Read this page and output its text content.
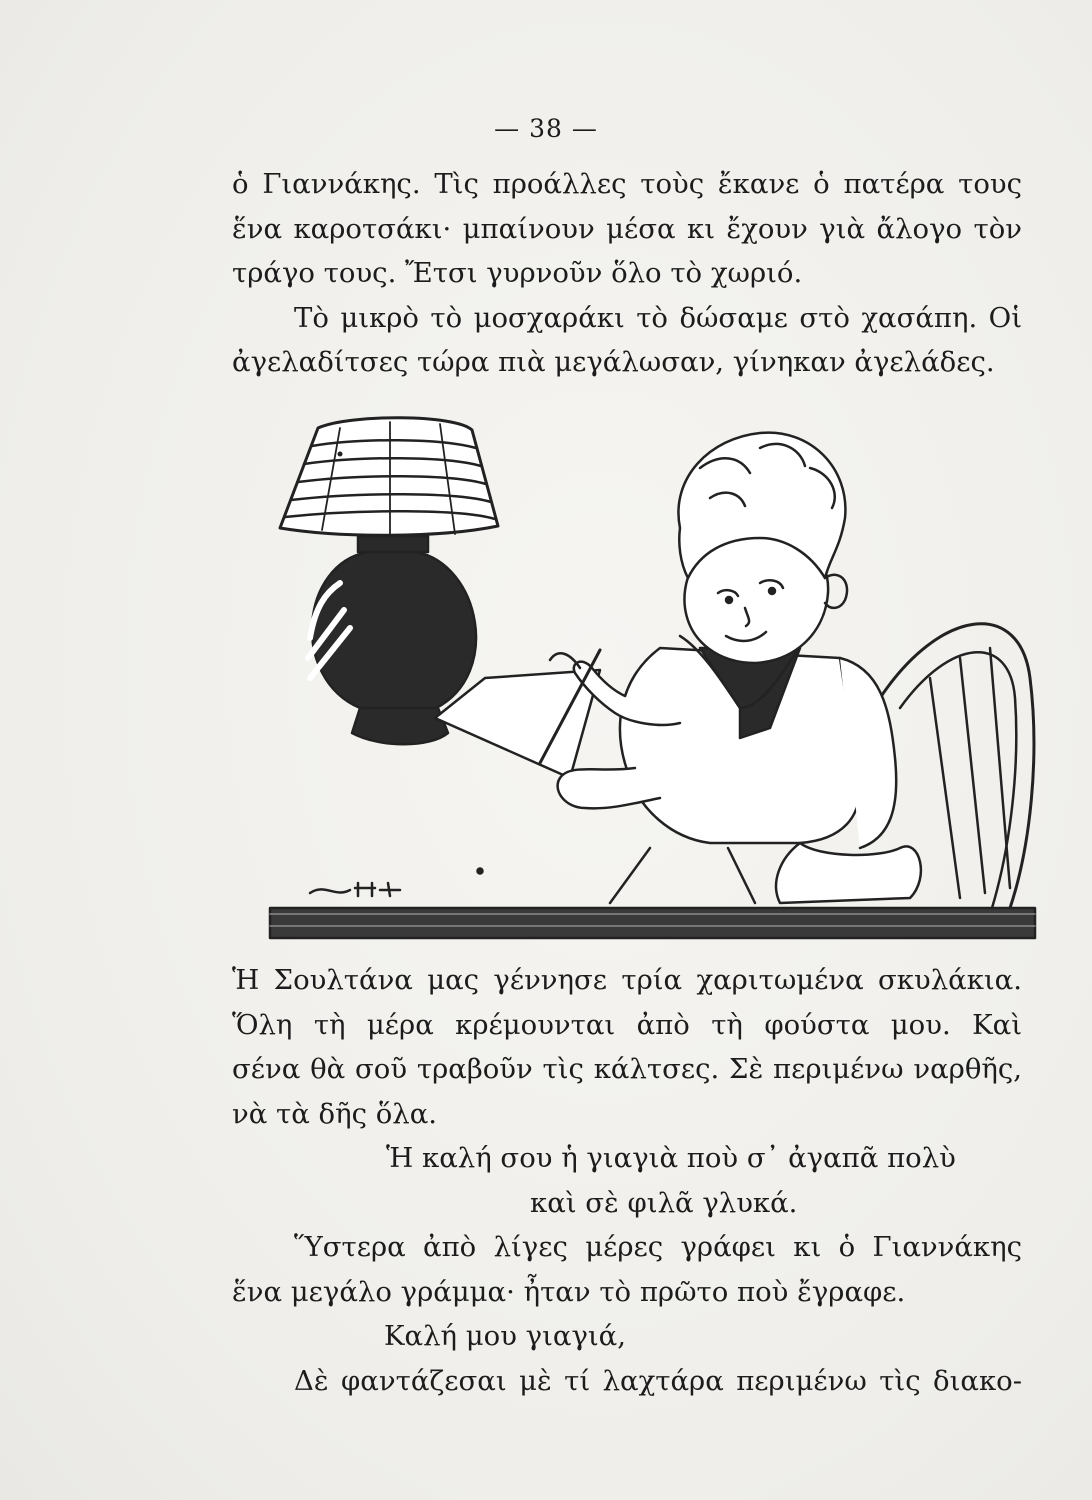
— 38 —
ὁ Γιαννάκης. Τὶς προάλλες τοὺς ἔκανε ὁ πατέρα τους
ἕνα καροτσάκι· μπαίνουν μέσα κι ἔχουν γιὰ ἄλογο τὸν
τράγο τους. Ἔτσι γυρνοῦν ὅλο τὸ χωριό.
Τὸ μικρὸ τὸ μοσχαράκι τὸ δώσαμε στὸ χασάπη. Οἱ
ἀγελαδίτσες τώρα πιὰ μεγάλωσαν, γίνηκαν ἀγελάδες.
Ἡ Σουλτάνα μας γέννησε τρία χαριτωμένα σκυλάκια.
Ὅλη τὴ μέρα κρέμουνται ἀπὸ τὴ φούστα μου. Καὶ
σένα θὰ σοῦ τραβοῦν τὶς κάλτσες. Σὲ περιμένω ναρθῆς,
νὰ τὰ δῆς ὅλα.
Ἡ καλή σου ἡ γιαγιὰ ποὺ σ᾽ ἀγαπᾶ πολὺ
καὶ σὲ φιλᾶ γλυκά.
Ὕστερα ἀπὸ λίγες μέρες γράφει κι ὁ Γιαννάκης
ἕνα μεγάλο γράμμα· ἦταν τὸ πρῶτο ποὺ ἔγραφε.
Καλή μου γιαγιά,
Δὲ φαντάζεσαι μὲ τί λαχτάρα περιμένω τὶς διακο-
